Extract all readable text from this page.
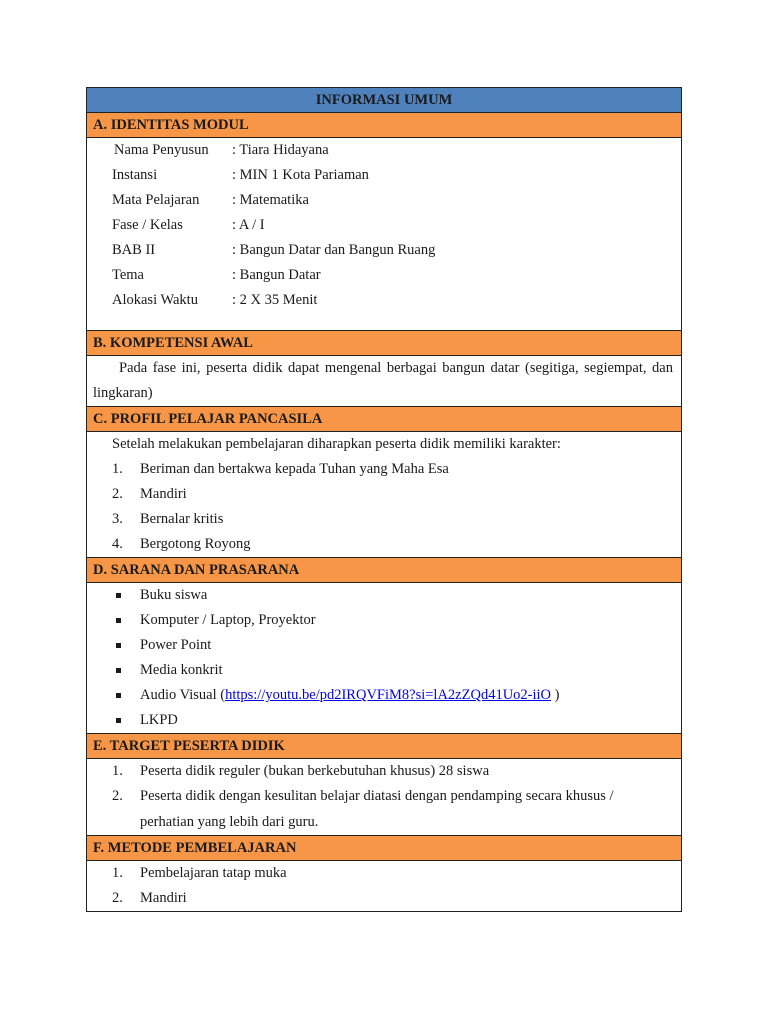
INFORMASI UMUM
A. IDENTITAS MODUL
Nama Penyusun : Tiara Hidayana
Instansi	: MIN 1 Kota Pariaman
Mata Pelajaran : Matematika
Fase / Kelas	: A / I
BAB II	: Bangun Datar dan Bangun Ruang
Tema	: Bangun Datar
Alokasi Waktu : 2 X 35 Menit
B. KOMPETENSI AWAL
Pada fase ini, peserta didik dapat mengenal berbagai bangun datar (segitiga, segiempat, dan lingkaran)
C. PROFIL PELAJAR PANCASILA
Setelah melakukan pembelajaran diharapkan peserta didik memiliki karakter:
1. Beriman dan bertakwa kepada Tuhan yang Maha Esa
2. Mandiri
3. Bernalar kritis
4. Bergotong Royong
D. SARANA DAN PRASARANA
Buku siswa
Komputer / Laptop, Proyektor
Power Point
Media konkrit
Audio Visual (https://youtu.be/pd2IRQVFiM8?si=lA2zZQd41Uo2-iiO )
LKPD
E. TARGET PESERTA DIDIK
1. Peserta didik reguler (bukan berkebutuhan khusus) 28 siswa
2. Peserta didik dengan kesulitan belajar diatasi dengan pendamping secara khusus / perhatian yang lebih dari guru.
F. METODE PEMBELAJARAN
1. Pembelajaran tatap muka
2. Mandiri
